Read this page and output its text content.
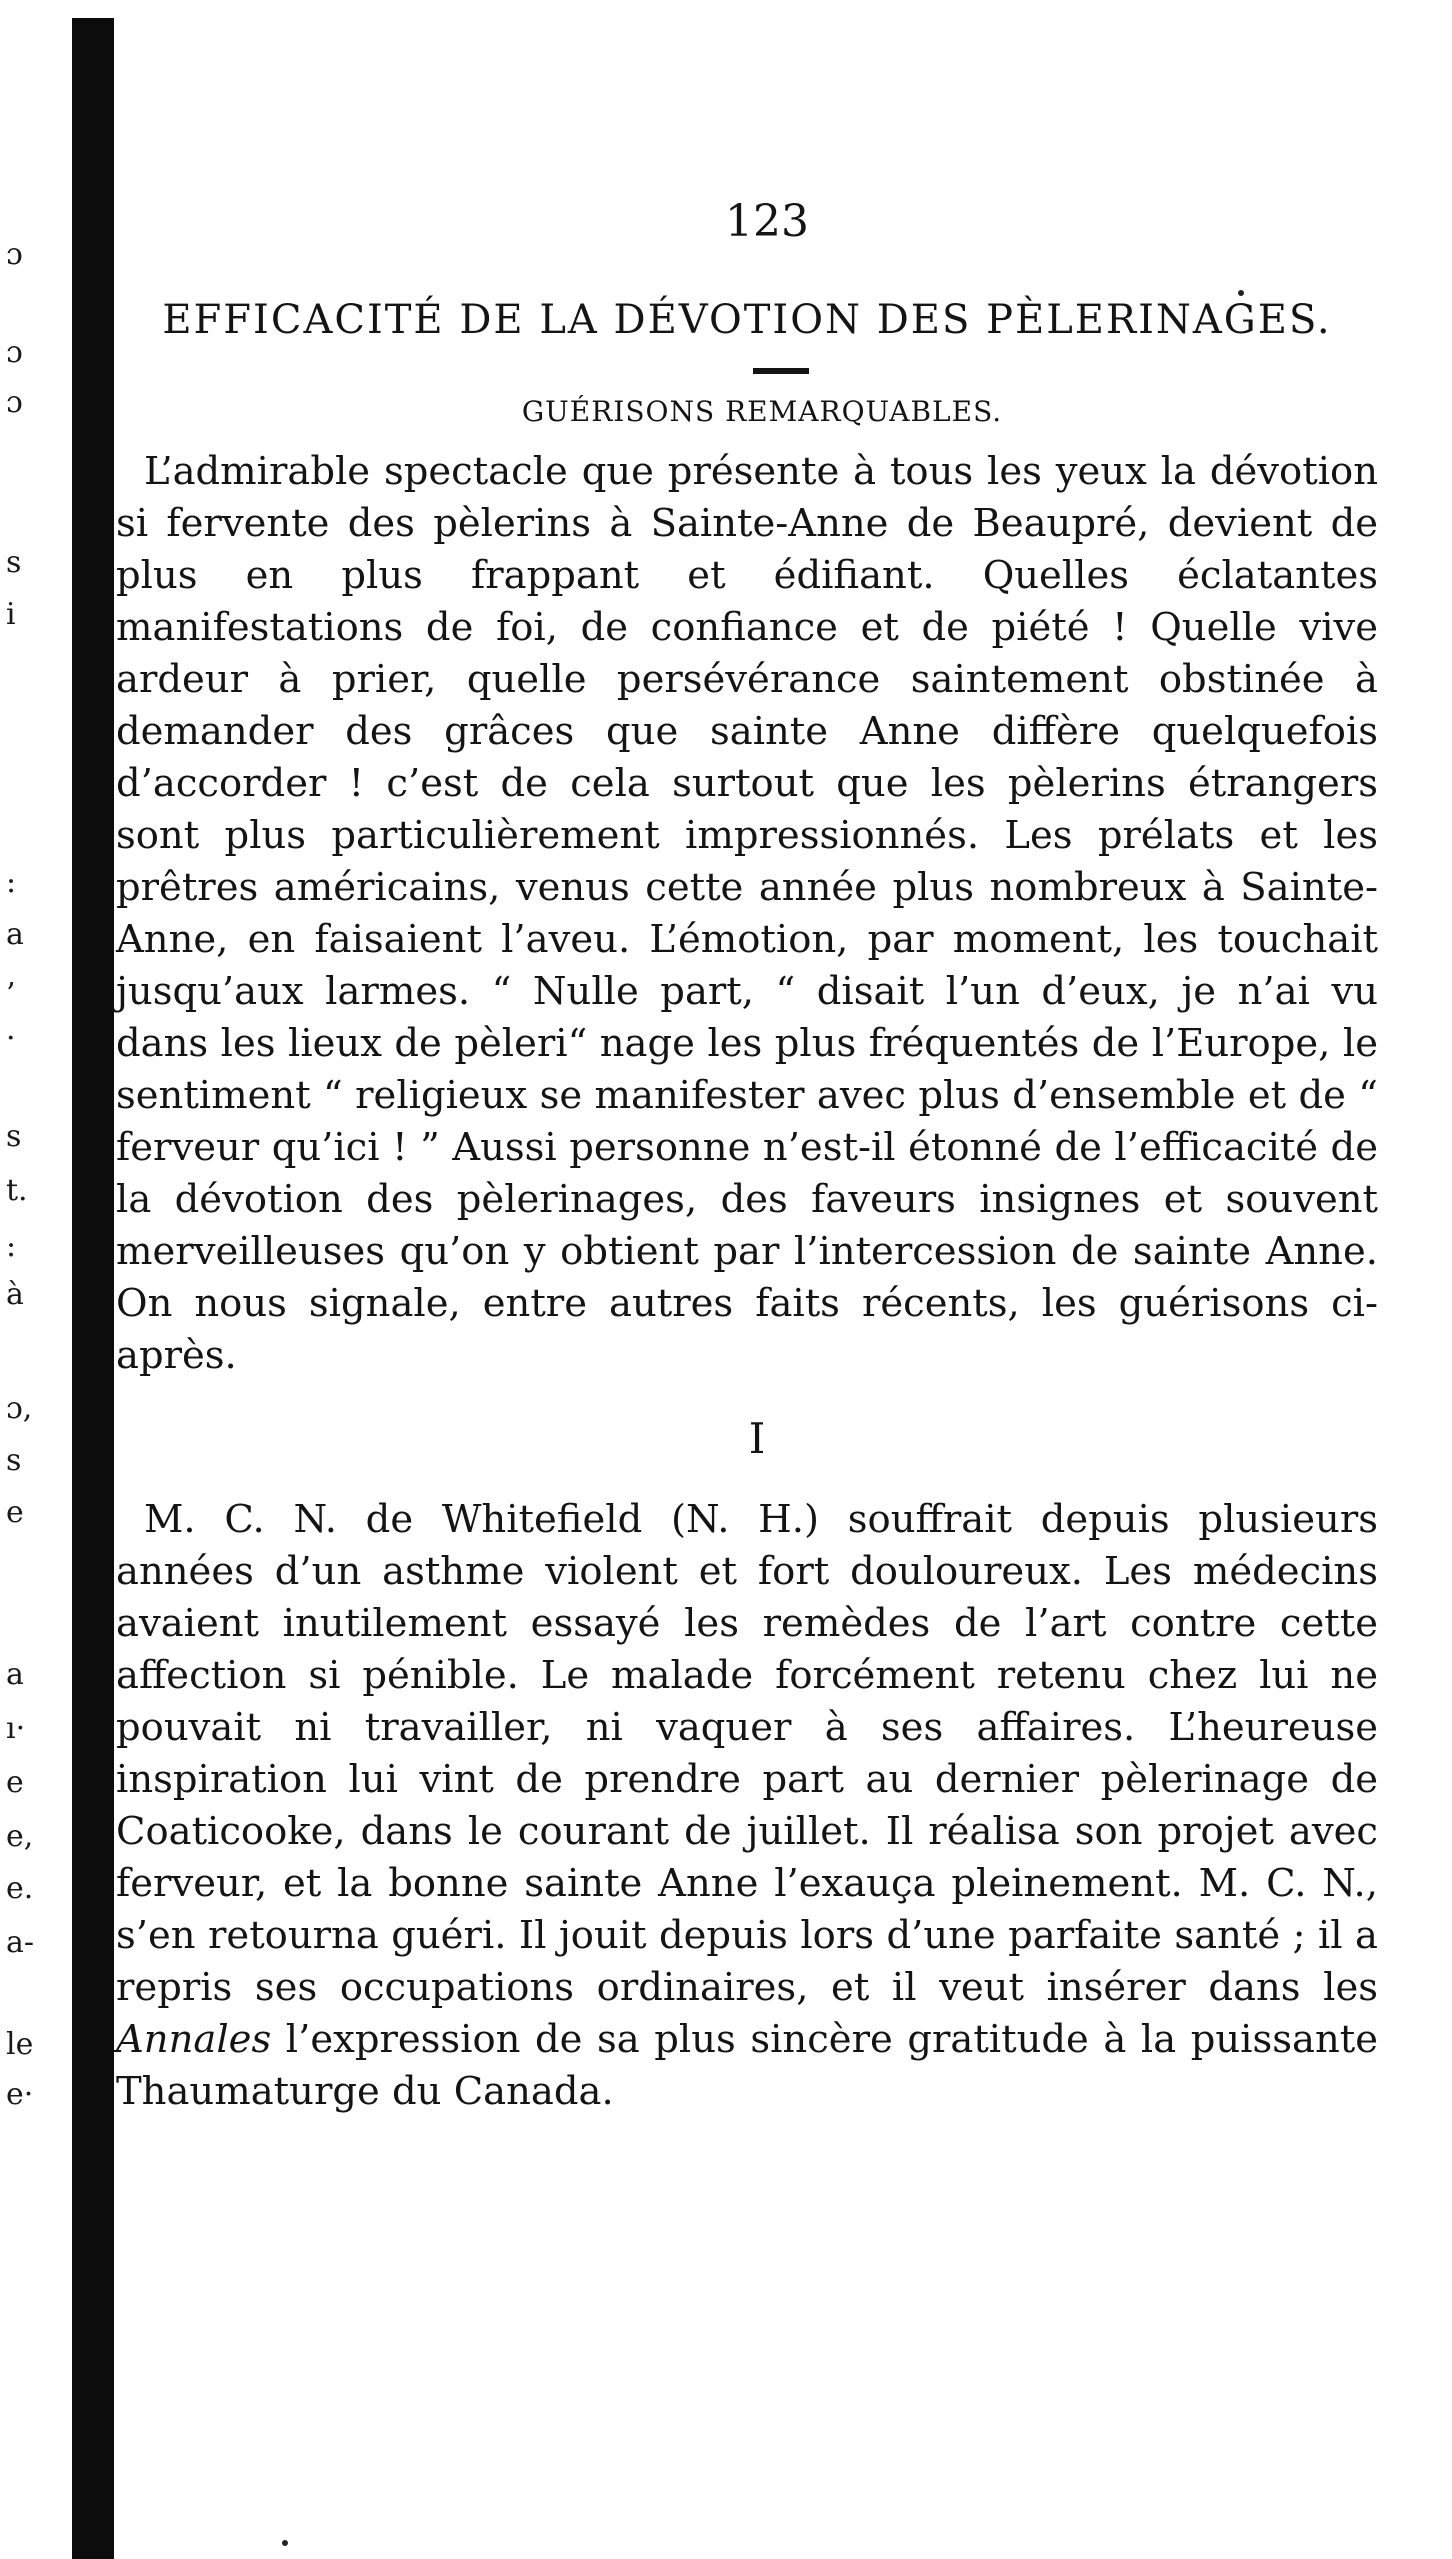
ɔ
ɔ
ɔ
s
i
:
a
’
·
s
t.
:
à
ɔ,
s
e
a
ı·
e
e,
e.
a-
le
e·
123
EFFICACITÉ DE LA DÉVOTION DES PÈLERINAGES.
GUÉRISONS REMARQUABLES.

L’admirable spectacle que présente à tous les yeux la dévotion si fervente des pèlerins à Sainte-Anne de Beaupré, devient de plus en plus frappant et édifiant. Quelles éclatantes manifestations de foi, de confiance et de piété ! Quelle vive ardeur à prier, quelle persévérance saintement obstinée à demander des grâces que sainte Anne diffère quelquefois d’accorder ! c’est de cela surtout que les pèlerins étrangers sont plus particulièrement impressionnés. Les prélats et les prêtres américains, venus cette année plus nombreux à Sainte-Anne, en faisaient l’aveu. L’émotion, par moment, les touchait jusqu’aux larmes. “ Nulle part, “ disait l’un d’eux, je n’ai vu dans les lieux de pèleri“ nage les plus fréquentés de l’Europe, le sentiment “ religieux se manifester avec plus d’ensemble et de “ ferveur qu’ici ! ” Aussi personne n’est-il étonné de l’efficacité de la dévotion des pèlerinages, des faveurs insignes et souvent merveilleuses qu’on y obtient par l’intercession de sainte Anne. On nous signale, entre autres faits récents, les guérisons ci-après.

I

M. C. N. de Whitefield (N. H.) souffrait depuis plusieurs années d’un asthme violent et fort douloureux. Les médecins avaient inutilement essayé les remèdes de l’art contre cette affection si pénible. Le malade forcément retenu chez lui ne pouvait ni travailler, ni vaquer à ses affaires. L’heureuse inspiration lui vint de prendre part au dernier pèlerinage de Coaticooke, dans le courant de juillet. Il réalisa son projet avec ferveur, et la bonne sainte Anne l’exauça pleinement. M. C. N., s’en retourna guéri. Il jouit depuis lors d’une parfaite santé ; il a repris ses occupations ordinaires, et il veut insérer dans les Annales l’expression de sa plus sincère gratitude à la puissante Thaumaturge du Canada.
